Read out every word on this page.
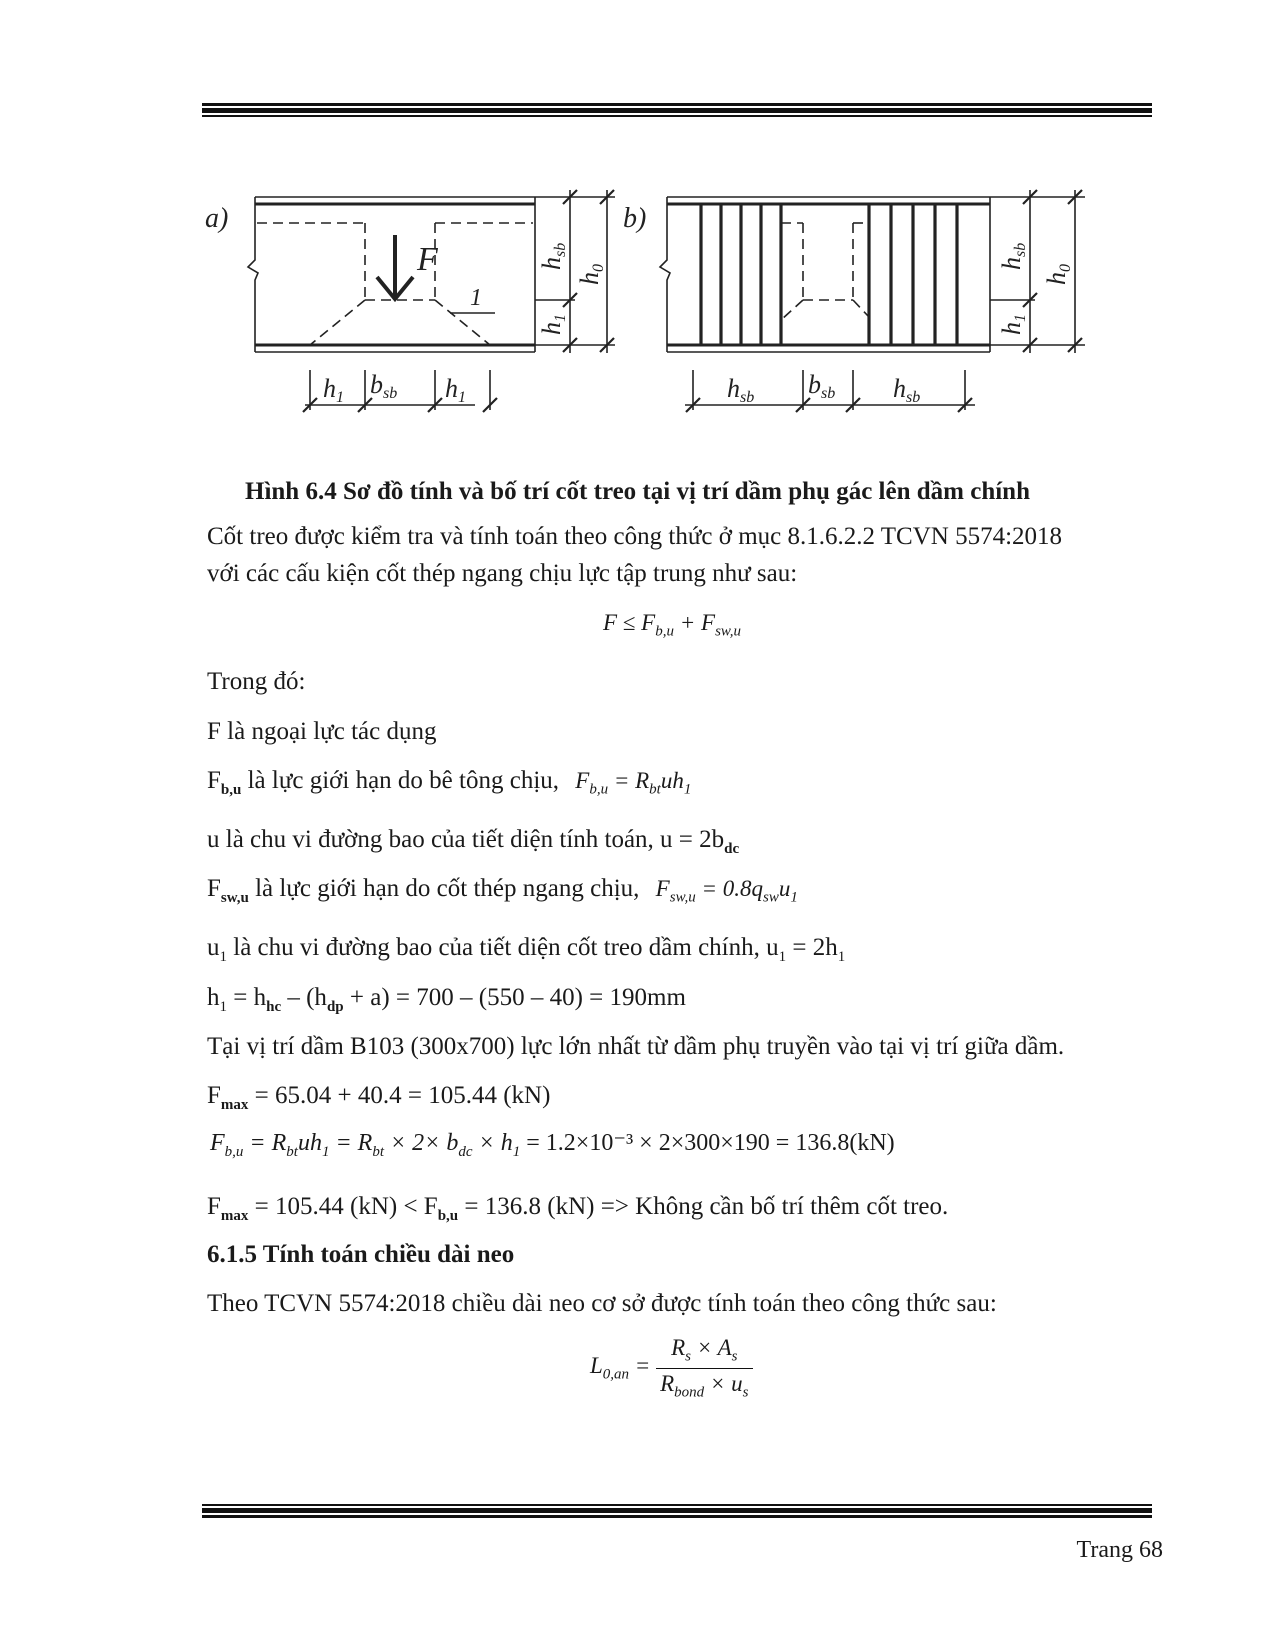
a)	b)
F
1
h1 bsb h1	hsb bsb hsb
hsb
h1
h0	hsb
h1
h0
Hình 6.4 Sơ đồ tính và bố trí cốt treo tại vị trí dầm phụ gác lên dầm chính
Cốt treo được kiểm tra và tính toán theo công thức ở mục 8.1.6.2.2 TCVN 5574:2018
với các cấu kiện cốt thép ngang chịu lực tập trung như sau:
$F \le F_{b,u} + F_{sw,u}$
Trong đó:
F là ngoại lực tác dụng
$F_{b,u}$ là lực giới hạn do bê tông chịu, $F_{b,u} = R_{bt}uh_1$
u là chu vi đường bao của tiết diện tính toán, $u = 2b_{dc}$
$F_{sw,u}$ là lực giới hạn do cốt thép ngang chịu, $F_{sw,u} = 0.8q_{sw}u_1$
$u_1$ là chu vi đường bao của tiết diện cốt treo dầm chính, $u_1 = 2h_1$
$h_1 = h_{hc} - (h_{dp} + a) = 700 - (550 - 40) = 190mm$
Tại vị trí dầm B103 (300x700) lực lớn nhất từ dầm phụ truyền vào tại vị trí giữa dầm.
$F_{max} = 65.04 + 40.4 = 105.44$ (kN)
$F_{b,u} = R_{bt}uh_1 = R_{bt} \times 2\times b_{dc} \times h_1 = 1.2\times 10^{-3} \times 2\times 300\times 190 = 136.8(kN)$
$F_{max} = 105.44$ $(kN) < F_{b,u} = 136.8$ (kN) => Không cần bố trí thêm cốt treo.
6.1.5 Tính toán chiều dài neo
Theo TCVN 5574:2018 chiều dài neo cơ sở được tính toán theo công thức sau:
$L_{0,an} = \frac{R_s \times A_s}{R_{bond} \times u_s}$
Trang 68
